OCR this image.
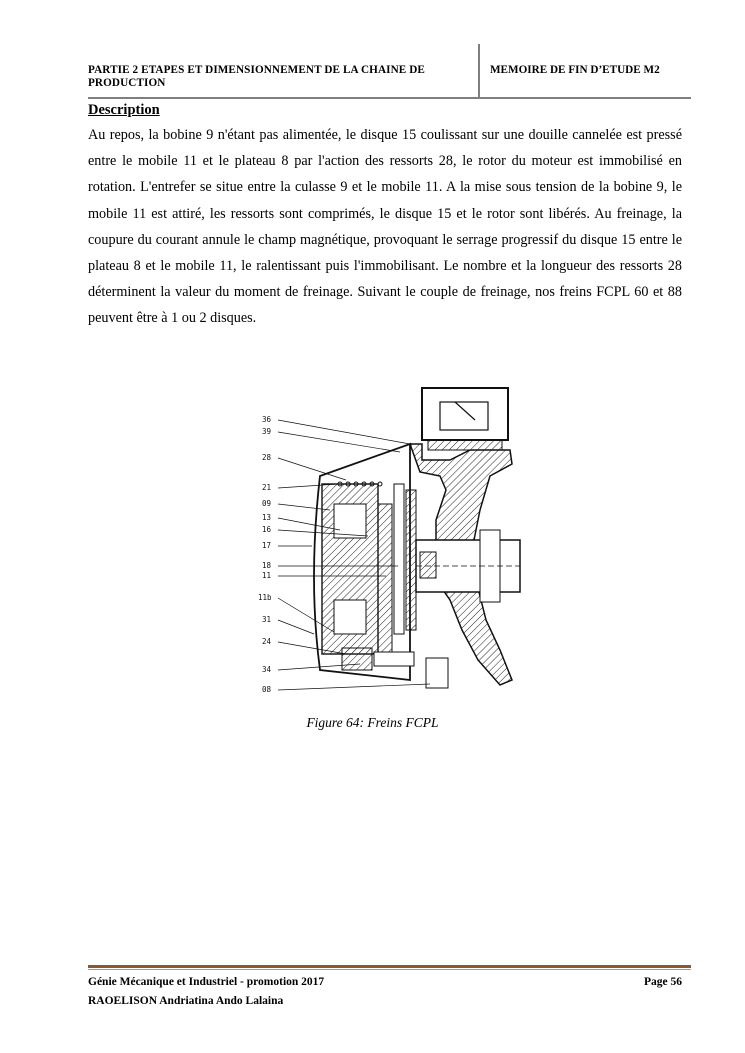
PARTIE 2 ETAPES ET DIMENSIONNEMENT DE LA CHAINE DE PRODUCTION
MEMOIRE DE FIN D’ETUDE M2
Description

Au repos, la bobine 9 n'étant pas alimentée, le disque 15 coulissant sur une douille cannelée est pressé entre le mobile 11 et le plateau 8 par l'action des ressorts 28, le rotor du moteur est immobilisé en rotation. L'entrefer se situe entre la culasse 9 et le mobile 11. A la mise sous tension de la bobine 9, le mobile 11 est attiré, les ressorts sont comprimés, le disque 15 et le rotor sont libérés. Au freinage, la coupure du courant annule le champ magnétique, provoquant le serrage progressif du disque 15 entre le plateau 8 et le mobile 11, le ralentissant puis l'immobilisant. Le nombre et la longueur des ressorts 28 déterminent la valeur du moment de freinage. Suivant le couple de freinage, nos freins FCPL 60 et 88 peuvent être à 1 ou 2 disques.

36
39
28
21
09
13
16
17
18
11
11b
31
24
34
08
Figure 64: Freins FCPL
Génie Mécanique et Industriel - promotion 2017	Page 56
RAOELISON Andriatina Ando Lalaina
